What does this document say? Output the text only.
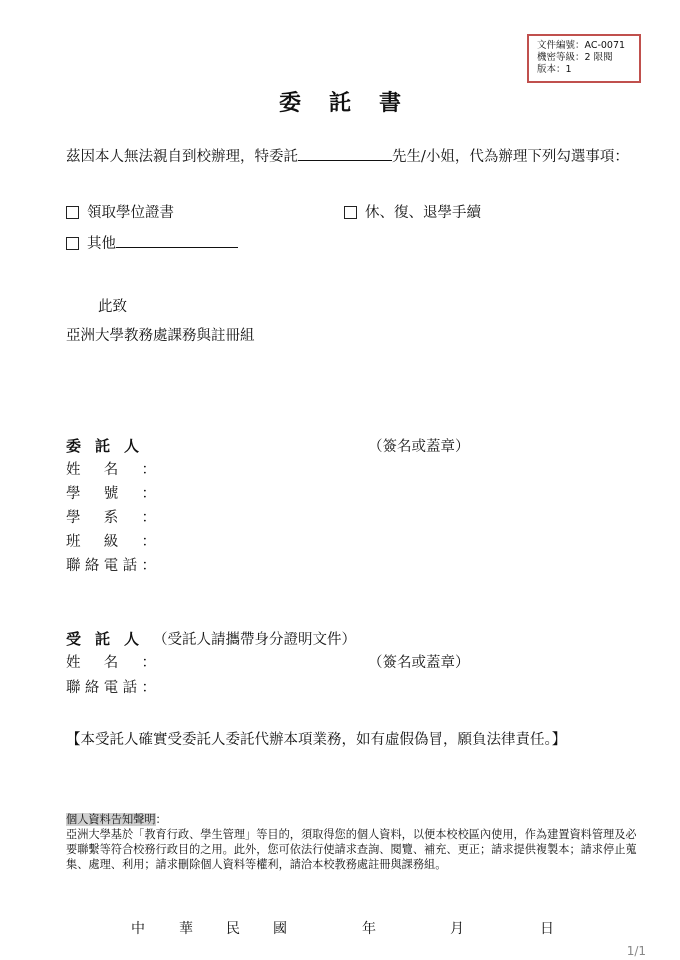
文件編號：AC-0071
機密等級：2 限閱
版本：1
委託書
茲因本人無法親自到校辦理，特委託	先生/小姐，代為辦理下列勾選事項：
領取學位證書	休、復、退學手續
其他
此致
亞洲大學教務處課務與註冊組
委託人	（簽名或蓋章）
姓名：
學號：
學系：
班級：
聯絡電話：
受託人（受託人請攜帶身分證明文件）
姓名：	（簽名或蓋章）
聯絡電話：
【本受託人確實受委託人委託代辦本項業務，如有虛假偽冒，願負法律責任。】
個人資料告知聲明：
亞洲大學基於「教育行政、學生管理」等目的，須取得您的個人資料，以便本校校區內使用，作為建置資料管理及必要聯繫等符合校務行政目的之用。此外，您可依法行使請求查詢、閱覽、補充、更正；請求提供複製本；請求停止蒐集、處理、利用；請求刪除個人資料等權利，請洽本校教務處註冊與課務組。
中 華 民 國	年	月	日
1/1
